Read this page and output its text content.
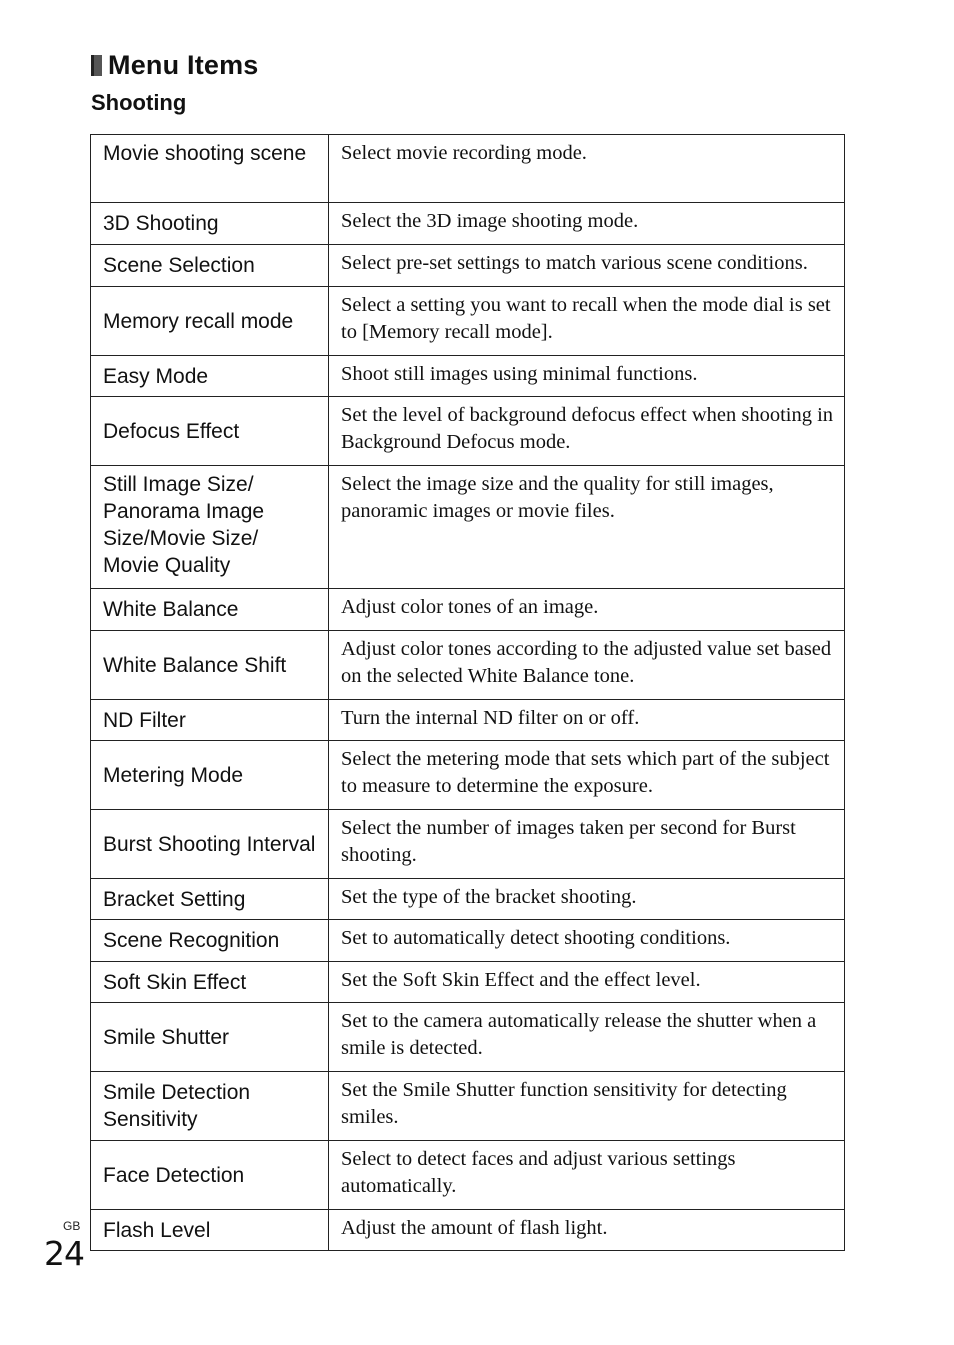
Menu Items
Shooting
Movie shooting scene	Select movie recording mode.
3D Shooting	Select the 3D image shooting mode.
Scene Selection	Select pre-set settings to match various scene conditions.
Memory recall mode	Select a setting you want to recall when the mode dial is set to [Memory recall mode].
Easy Mode	Shoot still images using minimal functions.
Defocus Effect	Set the level of background defocus effect when shooting in Background Defocus mode.
Still Image Size/ Panorama Image Size/Movie Size/ Movie Quality	Select the image size and the quality for still images, panoramic images or movie files.
White Balance	Adjust color tones of an image.
White Balance Shift	Adjust color tones according to the adjusted value set based on the selected White Balance tone.
ND Filter	Turn the internal ND filter on or off.
Metering Mode	Select the metering mode that sets which part of the subject to measure to determine the exposure.
Burst Shooting Interval	Select the number of images taken per second for Burst shooting.
Bracket Setting	Set the type of the bracket shooting.
Scene Recognition	Set to automatically detect shooting conditions.
Soft Skin Effect	Set the Soft Skin Effect and the effect level.
Smile Shutter	Set to the camera automatically release the shutter when a smile is detected.
Smile Detection Sensitivity	Set the Smile Shutter function sensitivity for detecting smiles.
Face Detection	Select to detect faces and adjust various settings automatically.
Flash Level	Adjust the amount of flash light.
GB
24
